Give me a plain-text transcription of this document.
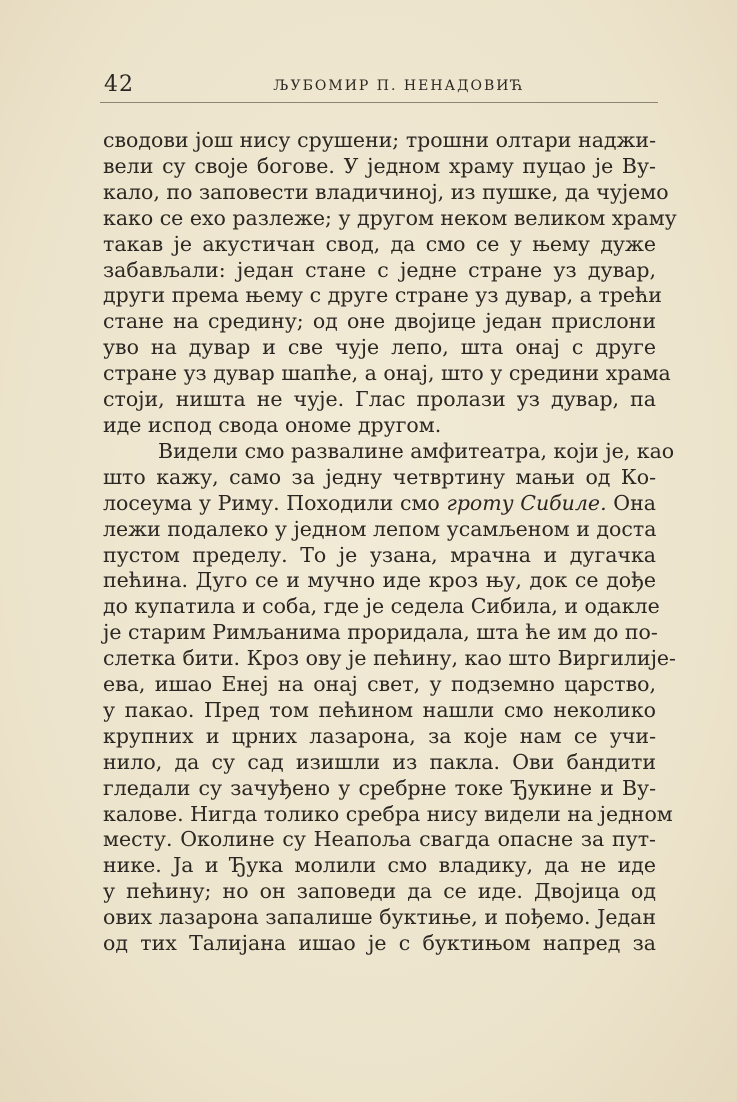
42	ЉУБОМИР П. НЕНАДОВИЋ
сводови још нису срушени; трошни олтари наджи-
вели су своје богове. У једном храму пуцао је Ву-
кало, по заповести владичиној, из пушке, да чујемо
како се ехо разлеже; у другом неком великом храму
такав је акустичан свод, да смо се у њему дуже
забављали: један стане с једне стране уз дувар,
други према њему с друге стране уз дувар, а трећи
стане на средину; од оне двојице један прислони
уво на дувар и све чује лепо, шта онај с друге
стране уз дувар шапће, а онај, што у средини храма
стоји, ништа не чује. Глас пролази уз дувар, па
иде испод свода ономе другом.
Видели смо развалине амфитеатра, који је, као
што кажу, само за једну четвртину мањи од Ко-
лосеума у Риму. Походили смо гроту Сибиле. Она
лежи подалеко у једном лепом усамљеном и доста
пустом пределу. То је узана, мрачна и дугачка
пећина. Дуго се и мучно иде кроз њу, док се дође
до купатила и соба, где је седела Сибила, и одакле
је старим Римљанима проридала, шта ће им до по-
слетка бити. Кроз ову је пећину, као што Виргилије-
ева, ишао Енеј на онај свет, у подземно царство,
у пакао. Пред том пећином нашли смо неколико
крупних и црних лазарона, за које нам се учи-
нило, да су сад изишли из пакла. Ови бандити
гледали су зачуђено у сребрне токе Ђукине и Ву-
калове. Нигда толико сребра нису видели на једном
месту. Околине су Неапоља свагда опасне за пут-
нике. Ја и Ђука молили смо владику, да не иде
у пећину; но он заповеди да се иде. Двојица од
ових лазарона запалише буктиње, и пођемо. Један
од тих Талијана ишао је с буктињом напред за
